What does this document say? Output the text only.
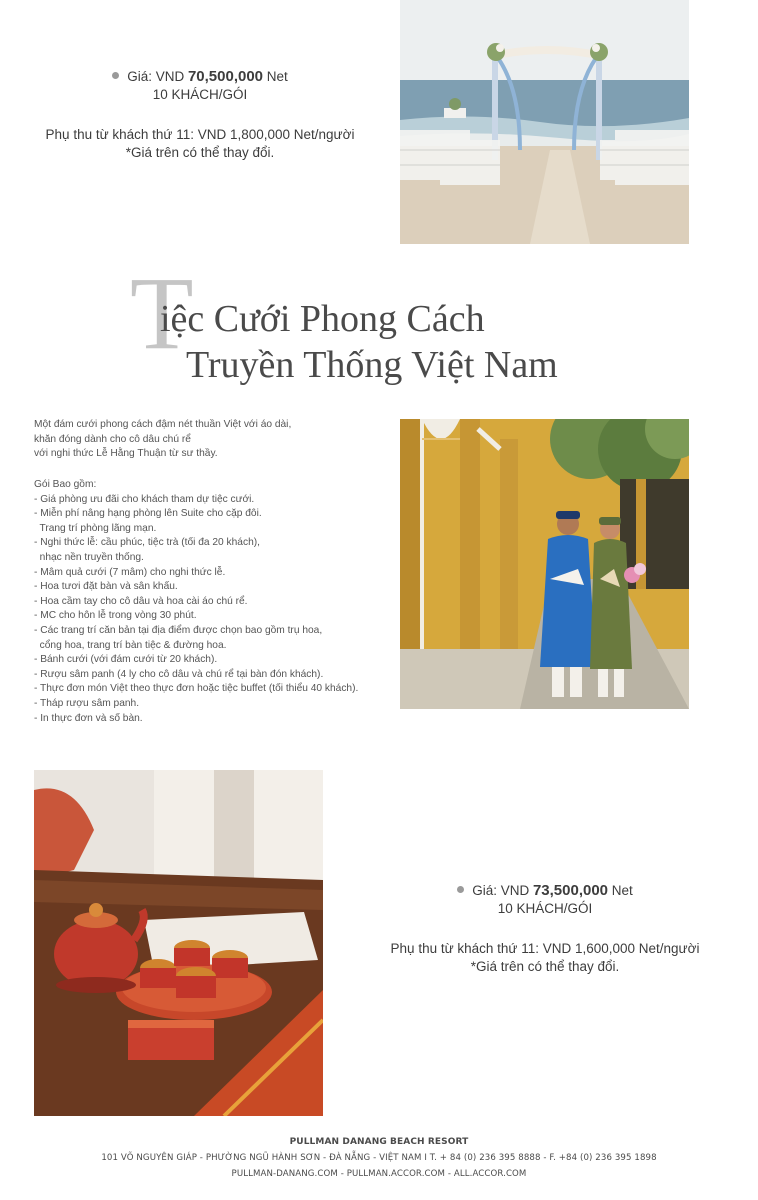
Giá: VND 70,500,000 Net
10 KHÁCH/GÓI
Phụ thu từ khách thứ 11: VND 1,800,000 Net/người
*Giá trên có thể thay đổi.
T
iệc Cưới Phong Cách
Truyền Thống Việt Nam

Một đám cưới phong cách đậm nét thuần Việt với áo dài,

khăn đóng dành cho cô dâu chú rể

với nghi thức Lễ Hằng Thuận từ sư thầy.

Gói Bao gồm:
- Giá phòng ưu đãi cho khách tham dự tiệc cưới.
- Miễn phí nâng hạng phòng lên Suite cho cặp đôi.
Trang trí phòng lãng mạn.
- Nghi thức lễ: cầu phúc, tiệc trà (tối đa 20 khách),
nhạc nền truyền thống.
- Mâm quả cưới (7 mâm) cho nghi thức lễ.
- Hoa tươi đặt bàn và sân khấu.
- Hoa cầm tay cho cô dâu và hoa cài áo chú rể.
- MC cho hôn lễ trong vòng 30 phút.
- Các trang trí căn bản tại địa điểm được chọn bao gồm trụ hoa,
cổng hoa, trang trí bàn tiệc & đường hoa.
- Bánh cưới (với đám cưới từ 20 khách).
- Rượu sâm panh (4 ly cho cô dâu và chú rể tại bàn đón khách).
- Thực đơn món Việt theo thực đơn hoặc tiệc buffet (tối thiểu 40 khách).
- Tháp rượu sâm panh.
- In thực đơn và số bàn.
Giá: VND 73,500,000 Net
10 KHÁCH/GÓI
Phụ thu từ khách thứ 11: VND 1,600,000 Net/người
*Giá trên có thể thay đổi.
PULLMAN DANANG BEACH RESORT
101 VÕ NGUYÊN GIÁP - PHƯỜNG NGŨ HÀNH SƠN - ĐÀ NẴNG - VIỆT NAM I T. + 84 (0) 236 395 8888 - F. +84 (0) 236 395 1898
PULLMAN-DANANG.COM - PULLMAN.ACCOR.COM - ALL.ACCOR.COM
